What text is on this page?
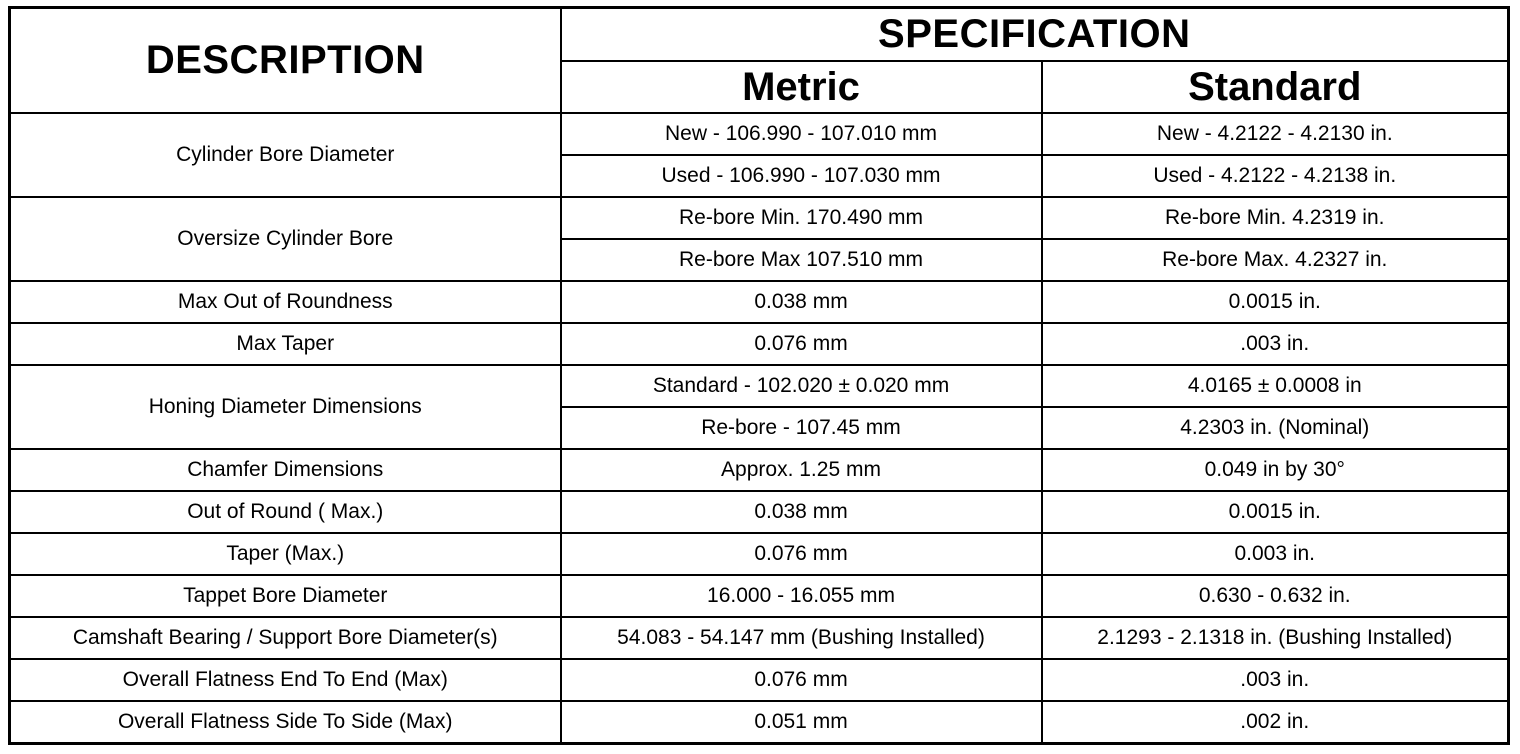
DESCRIPTION	SPECIFICATION	
	Metric	Standard
Cylinder Bore Diameter	New - 106.990 - 107.010 mm	New - 4.2122 - 4.2130 in.
	Used - 106.990 - 107.030 mm	Used - 4.2122 - 4.2138 in.
Oversize Cylinder Bore	Re-bore Min. 170.490 mm	Re-bore Min. 4.2319 in.
	Re-bore Max 107.510 mm	Re-bore Max. 4.2327 in.
Max Out of Roundness	0.038 mm	0.0015 in.
Max Taper	0.076 mm	.003 in.
Honing Diameter Dimensions	Standard - 102.020 ± 0.020 mm	4.0165 ± 0.0008 in
	Re-bore - 107.45 mm	4.2303 in. (Nominal)
Chamfer Dimensions	Approx. 1.25 mm	0.049 in by 30°
Out of Round ( Max.)	0.038 mm	0.0015 in.
Taper (Max.)	0.076 mm	0.003 in.
Tappet Bore Diameter	16.000 - 16.055 mm	0.630 - 0.632 in.
Camshaft Bearing / Support Bore Diameter(s)	54.083 - 54.147 mm (Bushing Installed)	2.1293 - 2.1318 in. (Bushing Installed)
Overall Flatness End To End (Max)	0.076 mm	.003 in.
Overall Flatness Side To Side (Max)	0.051 mm	.002 in.
